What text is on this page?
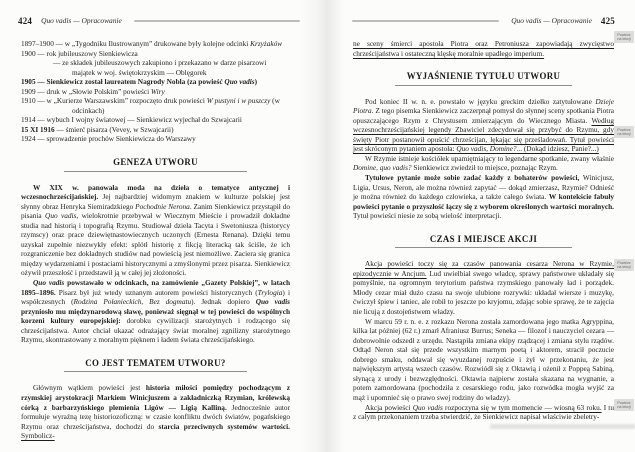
424 Quo vadis — Opracowanie
1897–1900 — w „Tygodniku Ilustrowanym” drukowane były kolejne odcinki Krzyżaków
1900 — rok jubileuszowy Sienkiewicza
— ze składek jubileuszowych zakupiono i przekazano w darze pisarzowi majątek w woj. świętokrzyskim — Oblęgorek
1905 — Sienkiewicz został laureatem Nagrody Nobla (za powieść Quo vadis)
1909 — druk w „Słowie Polskim” powieści Wiry
1910 — w „Kurierze Warszawskim” rozpoczęto druk powieści W pustyni i w puszczy (w odcinkach)
1914 — wybuch I wojny światowej — Sienkiewicz wyjechał do Szwajcarii
15 XI 1916 — śmierć pisarza (Vevey, w Szwajcarii)
1924 — sprowadzenie prochów Sienkiewicza do Warszawy
GENEZA UTWORU

W XIX w. panowała moda na dzieła o tematyce antycznej i wczesnochrześcijańskiej. Jej najbardziej widomym znakiem w kulturze polskiej jest słynny obraz Henryka Siemiradzkiego Pochodnie Nerona. Zanim Sienkiewicz przystąpił do pisania Quo vadis, wielokrotnie przebywał w Wiecznym Mieście i prowadził dokładne studia nad historią i topografią Rzymu. Studiował dzieła Tacyta i Swetoniusza (historycy rzymscy) oraz prace dziewiętnastowiecznych uczonych (Ernesta Renana). Dzięki temu uzyskał zupełnie niezwykły efekt: splótł historię z fikcją literacką tak ściśle, że ich rozgraniczenie bez dokładnych studiów nad powieścią jest niemożliwe. Zaciera się granica między wydarzeniami i postaciami historycznymi a zmyślonymi przez pisarza. Sienkiewicz ożywił przeszłość i przedstawił ją w całej jej złożoności.

Quo vadis powstawało w odcinkach, na zamówienie „Gazety Polskiej”, w latach 1895–1896. Pisarz był już wtedy uznanym autorem powieści historycznych (Trylogia) i współczesnych (Rodzina Połanieckich, Bez dogmatu). Jednak dopiero Quo vadis przyniosło mu międzynarodową sławę, ponieważ sięgnął w tej powieści do wspólnych korzeni kultury europejskiej: dorobku cywilizacji starożytnych i rodzącego się chrześcijaństwa. Autor chciał ukazać odrażający świat moralnej zgnilizny starożytnego Rzymu, skontrastowany z moralnym pięknem i ładem świata chrześcijańskiego.

CO JEST TEMATEM UTWORU?

Głównym wątkiem powieści jest historia miłości pomiędzy pochodzącym z rzymskiej arystokracji Markiem Winicjuszem a zakładniczką Rzymian, królewską córką z barbarzyńskiego plemienia Ligów — Ligią Kalliną. Jednocześnie autor formułuje wyraźną tezę historiozoficzną: w czasie konfliktu dwóch światów, pogańskiego Rzymu oraz chrześcijaństwa, dochodzi do starcia przeciwnych systemów wartości. Symbolicz-

Quo vadis — Opracowanie 425

ne sceny śmierci apostoła Piotra oraz Petroniusza zapowiadają zwycięstwo chrześcijaństwa i ostateczną klęskę moralnie upadłego imperium.

WYJAŚNIENIE TYTUŁU UTWORU

Pod koniec II w. n. e. powstało w języku greckim dziełko zatytułowane Dzieje Piotra. Z tego pisemka Sienkiewicz zaczerpnął pomysł do słynnej sceny spotkania Piotra opuszczającego Rzym z Chrystusem zmierzającym do Wiecznego Miasta. Według wczesnochrześcijańskiej legendy Zbawiciel zdecydował się przybyć do Rzymu, gdy święty Piotr postanowił opuścić chrześcijan, lękając się prześladowań. Tytuł powieści jest skróconym pytaniem apostoła: Quo vadis, Domine?... (Dokąd idziesz, Panie?...)

W Rzymie istnieje kościółek upamiętniający to legendarne spotkanie, zwany właśnie Domine, quo vadis? Sienkiewicz zwiedził to miejsce, poznając Rzym.

Tytułowe pytanie może sobie zadać każdy z bohaterów powieści, Winicjusz, Ligia, Ursus, Neron, ale można również zapytać — dokąd zmierzasz, Rzymie? Odnieść je można również do każdego człowieka, a także całego świata. W kontekście fabuły powieści pytanie o przyszłość łączy się z wyborem określonych wartości moralnych. Tytuł powieści niesie ze sobą wielość interpretacji.

CZAS I MIEJSCE AKCJI

Akcja powieści toczy się za czasów panowania cesarza Nerona w Rzymie, epizodycznie w Ancjum. Lud uwielbiał swego władcę, sprawy państwowe układały się pomyślnie, na ogromnym terytorium państwa rzymskiego panowały ład i porządek. Młody cezar miał dużo czasu na swoje ulubione rozrywki: układał wiersze i muzykę, ćwiczył śpiew i taniec, ale robił to jeszcze po kryjomu, zdając sobie sprawę, że te zajęcia nie licują z dostojeństwem władzy.

W marcu 59 r. n. e. z rozkazu Nerona została zamordowana jego matka Agryppina, kilka lat później (62 r.) zmarł Afraniusz Burrus; Seneka — filozof i nauczyciel cezara — dobrowolnie odszedł z urzędu. Nastąpiła zmiana ekipy rządzącej i zmiana stylu rządów. Odtąd Neron stał się przede wszystkim marnym poetą i aktorem, stracił poczucie dobrego smaku, oddawał się wyuzdanej rozpuście i żył w przekonaniu, że jest największym artystą wszech czasów. Rozwiódł się z Oktawią i ożenił z Poppeą Sabiną, słynącą z urody i bezwzględności. Oktawia najpierw została skazana na wygnanie, a potem zamordowana (pochodziła z cesarskiego rodu, jako rozwódka mogła wyjść za mąż i upomnieć się o prawo swej rodziny do władzy).

Akcja powieści Quo vadis rozpoczyna się w tym momencie — wiosną 63 roku. I tu z całym przekonaniem trzeba stwierdzić, że Sienkiewicz napisał właściwie zbeletry-

Powtórz
na lekcji
Powtórz
na lekcji
Powtórz
na lekcji
Powtórz
na lekcji
